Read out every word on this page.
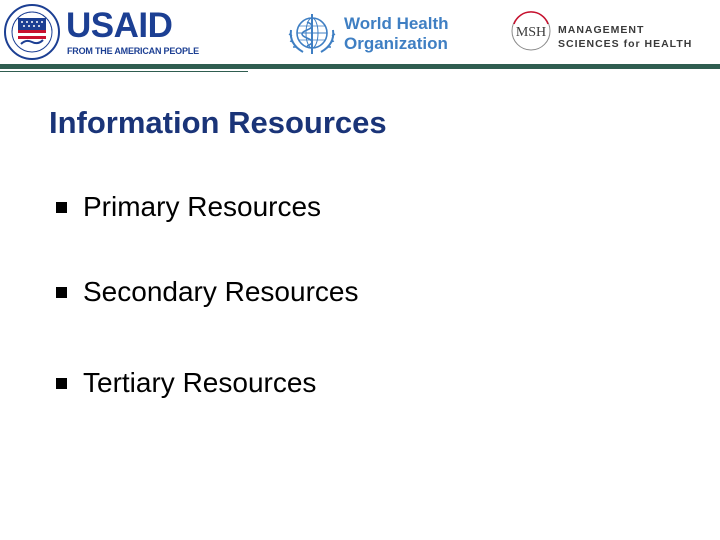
USAID
FROM THE AMERICAN PEOPLE
World Health
Organization
MSH MANAGEMENT
SCIENCES for HEALTH
Information Resources
Primary Resources
Secondary Resources
Tertiary Resources
